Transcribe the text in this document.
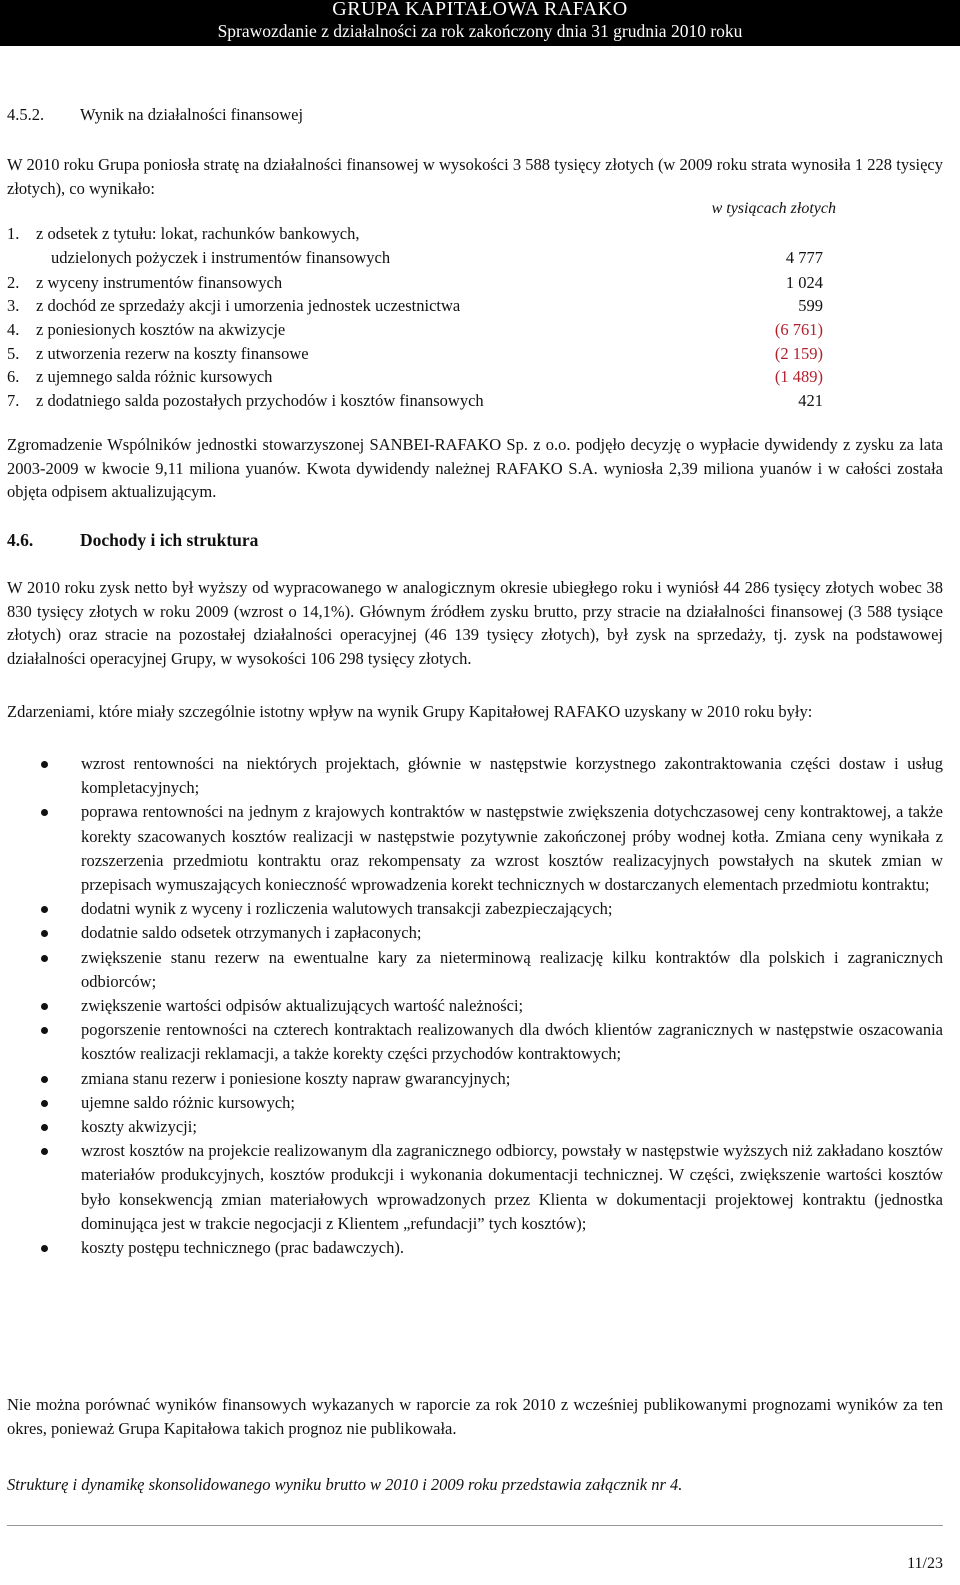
GRUPA KAPITAŁOWA RAFAKO
Sprawozdanie z działalności za rok zakończony dnia 31 grudnia 2010 roku
4.5.2. Wynik na działalności finansowej
W 2010 roku Grupa poniosła stratę na działalności finansowej w wysokości 3 588 tysięcy złotych (w 2009 roku strata wynosiła 1 228 tysięcy złotych), co wynikało:
w tysiącach złotych
1. z odsetek z tytułu: lokat, rachunków bankowych,
udzielonych pożyczek i instrumentów finansowych	4 777
2. z wyceny instrumentów finansowych	1 024
3. z dochód ze sprzedaży akcji i umorzenia jednostek uczestnictwa	599
4. z poniesionych kosztów na akwizycje	(6 761)
5. z utworzenia rezerw na koszty finansowe	(2 159)
6. z ujemnego salda różnic kursowych	(1 489)
7. z dodatniego salda pozostałych przychodów i kosztów finansowych	421
Zgromadzenie Wspólników jednostki stowarzyszonej SANBEI-RAFAKO Sp. z o.o. podjęło decyzję o wypłacie dywidendy z zysku za lata 2003-2009 w kwocie 9,11 miliona yuanów. Kwota dywidendy należnej RAFAKO S.A. wyniosła 2,39 miliona yuanów i w całości została objęta odpisem aktualizującym.
4.6.	Dochody i ich struktura
W 2010 roku zysk netto był wyższy od wypracowanego w analogicznym okresie ubiegłego roku i wyniósł 44 286 tysięcy złotych wobec 38 830 tysięcy złotych w roku 2009 (wzrost o 14,1%). Głównym źródłem zysku brutto, przy stracie na działalności finansowej (3 588 tysiące złotych) oraz stracie na pozostałej działalności operacyjnej (46 139 tysięcy złotych), był zysk na sprzedaży, tj. zysk na podstawowej działalności operacyjnej Grupy, w wysokości 106 298 tysięcy złotych.
Zdarzeniami, które miały szczególnie istotny wpływ na wynik Grupy Kapitałowej RAFAKO uzyskany w 2010 roku były:
wzrost rentowności na niektórych projektach, głównie w następstwie korzystnego zakontraktowania części dostaw i usług kompletacyjnych;
poprawa rentowności na jednym z krajowych kontraktów w następstwie zwiększenia dotychczasowej ceny kontraktowej, a także korekty szacowanych kosztów realizacji w następstwie pozytywnie zakończonej próby wodnej kotła. Zmiana ceny wynikała z rozszerzenia przedmiotu kontraktu oraz rekompensaty za wzrost kosztów realizacyjnych powstałych na skutek zmian w przepisach wymuszających konieczność wprowadzenia korekt technicznych w dostarczanych elementach przedmiotu kontraktu;
dodatni wynik z wyceny i rozliczenia walutowych transakcji zabezpieczających;
dodatnie saldo odsetek otrzymanych i zapłaconych;
zwiększenie stanu rezerw na ewentualne kary za nieterminową realizację kilku kontraktów dla polskich i zagranicznych odbiorców;
zwiększenie wartości odpisów aktualizujących wartość należności;
pogorszenie rentowności na czterech kontraktach realizowanych dla dwóch klientów zagranicznych w następstwie oszacowania kosztów realizacji reklamacji, a także korekty części przychodów kontraktowych;
zmiana stanu rezerw i poniesione koszty napraw gwarancyjnych;
ujemne saldo różnic kursowych;
koszty akwizycji;
wzrost kosztów na projekcie realizowanym dla zagranicznego odbiorcy, powstały w następstwie wyższych niż zakładano kosztów materiałów produkcyjnych, kosztów produkcji i wykonania dokumentacji technicznej. W części, zwiększenie wartości kosztów było konsekwencją zmian materiałowych wprowadzonych przez Klienta w dokumentacji projektowej kontraktu (jednostka dominująca jest w trakcie negocjacji z Klientem „refundacji” tych kosztów);
koszty postępu technicznego (prac badawczych).
Nie można porównać wyników finansowych wykazanych w raporcie za rok 2010 z wcześniej publikowanymi prognozami wyników za ten okres, ponieważ Grupa Kapitałowa takich prognoz nie publikowała.
Strukturę i dynamikę skonsolidowanego wyniku brutto w 2010 i 2009 roku przedstawia załącznik nr 4.
11/23
